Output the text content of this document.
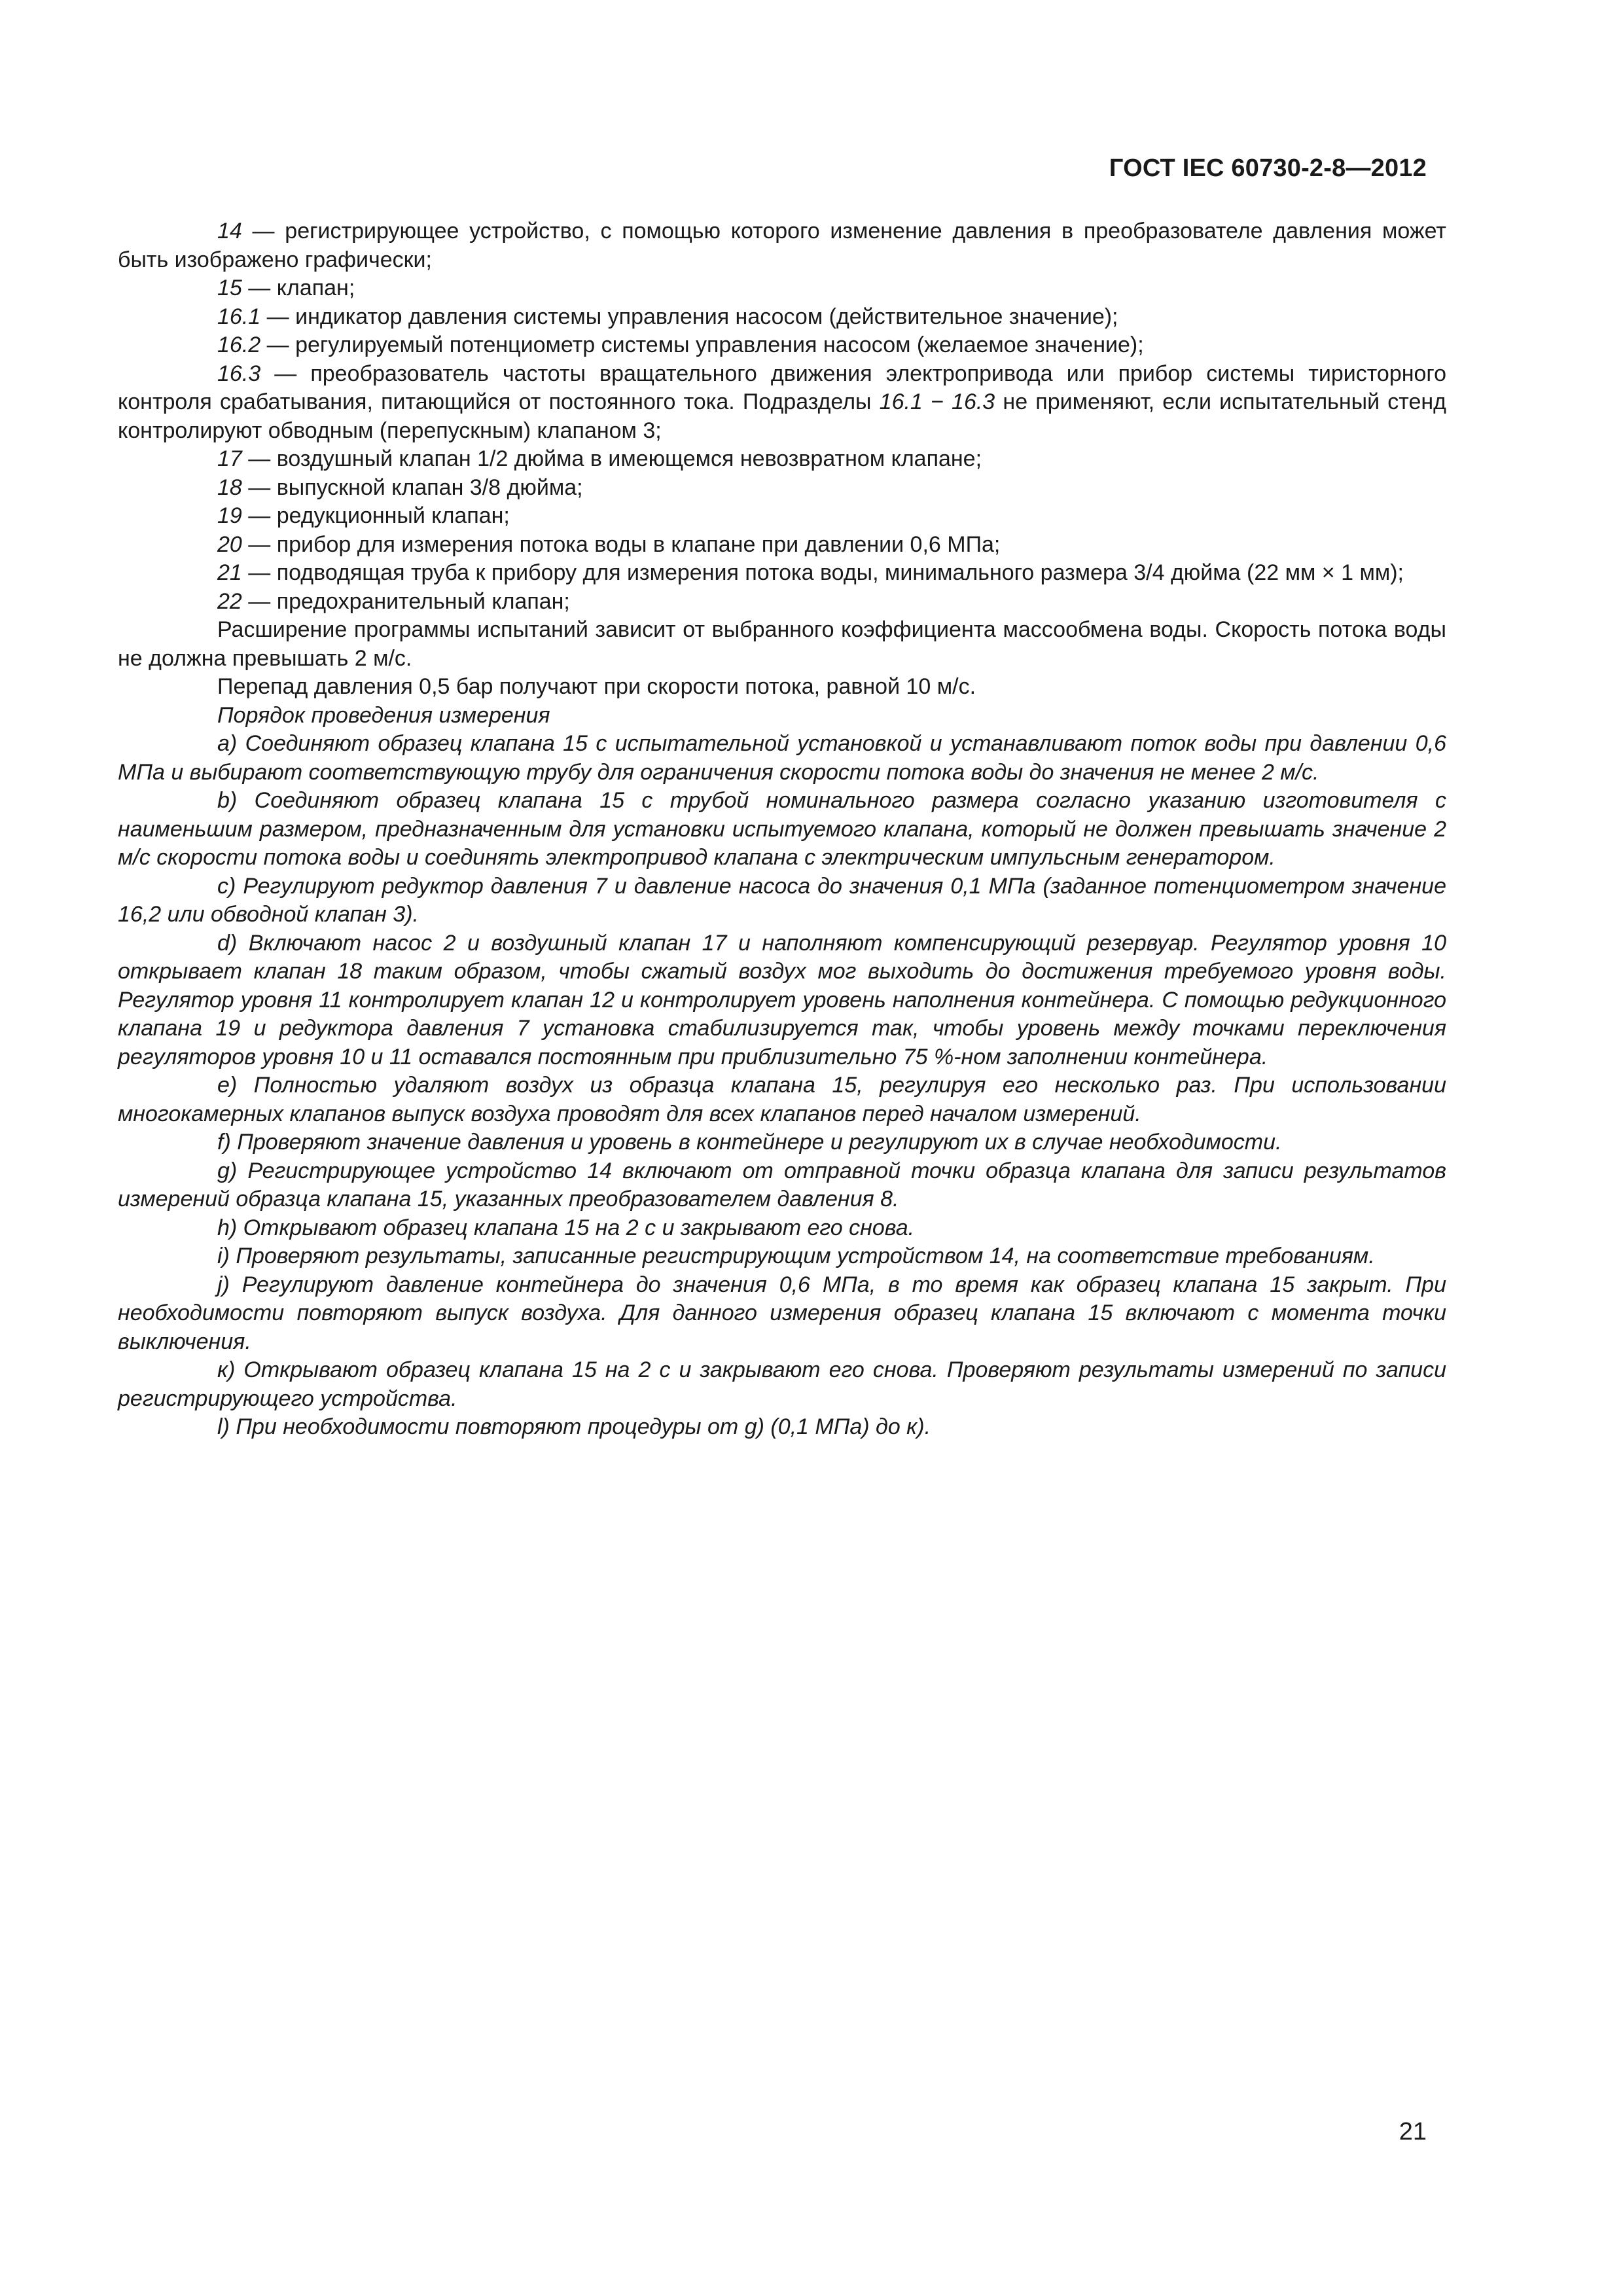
ГОСТ IEC 60730-2-8—2012

14 — регистрирующее устройство, с помощью которого изменение давления в преобразователе давления может быть изображено графически;

15 — клапан;

16.1 — индикатор давления системы управления насосом (действительное значение);

16.2 — регулируемый потенциометр системы управления насосом (желаемое значение);

16.3 — преобразователь частоты вращательного движения электропривода или прибор системы тиристорного контроля срабатывания, питающийся от постоянного тока. Подразделы 16.1 − 16.3 не применяют, если испытательный стенд контролируют обводным (перепускным) клапаном 3;

17 — воздушный клапан 1/2 дюйма в имеющемся невозвратном клапане;

18 — выпускной клапан 3/8 дюйма;

19 — редукционный клапан;

20 — прибор для измерения потока воды в клапане при давлении 0,6 МПа;

21 — подводящая труба к прибору для измерения потока воды, минимального размера 3/4 дюйма (22 мм × 1 мм);

22 — предохранительный клапан;

Расширение программы испытаний зависит от выбранного коэффициента массообмена воды. Скорость потока воды не должна превышать 2 м/с.

Перепад давления 0,5 бар получают при скорости потока, равной 10 м/с.

Порядок проведения измерения

a) Соединяют образец клапана 15 с испытательной установкой и устанавливают поток воды при давлении 0,6 МПа и выбирают соответствующую трубу для ограничения скорости потока воды до значения не менее 2 м/с.

b) Соединяют образец клапана 15 с трубой номинального размера согласно указанию изготовителя с наименьшим размером, предназначенным для установки испытуемого клапана, который не должен превышать значение 2 м/с скорости потока воды и соединять электропривод клапана с электрическим импульсным генератором.

c) Регулируют редуктор давления 7 и давление насоса до значения 0,1 МПа (заданное потенциометром значение 16,2 или обводной клапан 3).

d) Включают насос 2 и воздушный клапан 17 и наполняют компенсирующий резервуар. Регулятор уровня 10 открывает клапан 18 таким образом, чтобы сжатый воздух мог выходить до достижения требуемого уровня воды. Регулятор уровня 11 контролирует клапан 12 и контролирует уровень наполнения контейнера. С помощью редукционного клапана 19 и редуктора давления 7 установка стабилизируется так, чтобы уровень между точками переключения регуляторов уровня 10 и 11 оставался постоянным при приблизительно 75 %-ном заполнении контейнера.

e) Полностью удаляют воздух из образца клапана 15, регулируя его несколько раз. При использовании многокамерных клапанов выпуск воздуха проводят для всех клапанов перед началом измерений.

f) Проверяют значение давления и уровень в контейнере и регулируют их в случае необходимости.

g) Регистрирующее устройство 14 включают от отправной точки образца клапана для записи результатов измерений образца клапана 15, указанных преобразователем давления 8.

h) Открывают образец клапана 15 на 2 с и закрывают его снова.

i) Проверяют результаты, записанные регистрирующим устройством 14, на соответствие требованиям.

j) Регулируют давление контейнера до значения 0,6 МПа, в то время как образец клапана 15 закрыт. При необходимости повторяют выпуск воздуха. Для данного измерения образец клапана 15 включают с момента точки выключения.

к) Открывают образец клапана 15 на 2 с и закрывают его снова. Проверяют результаты измерений по записи регистрирующего устройства.

l) При необходимости повторяют процедуры от g) (0,1 МПа) до к).

21
